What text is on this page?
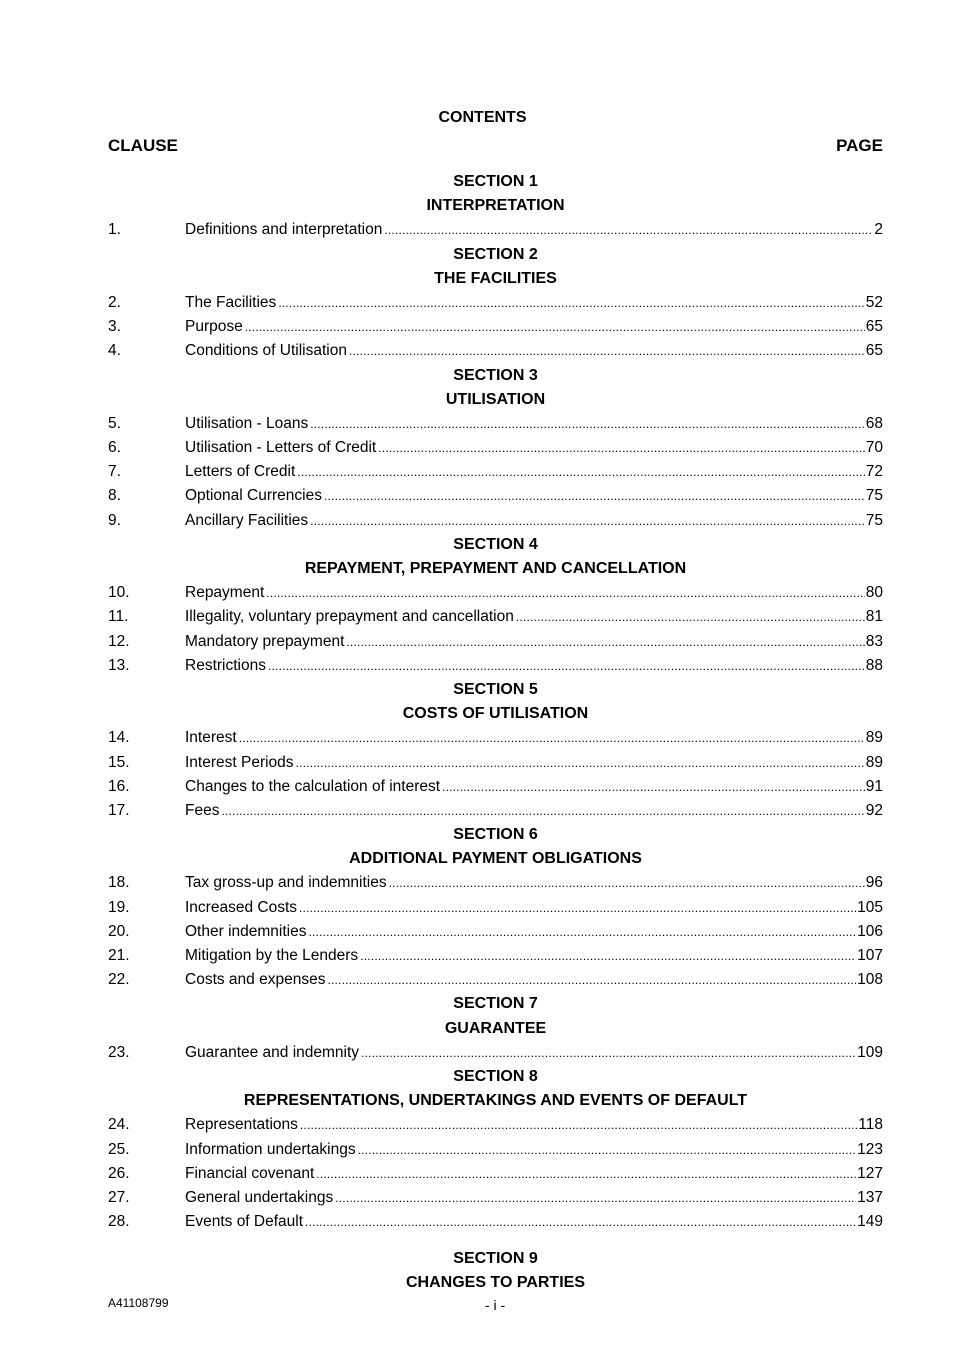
CONTENTS
CLAUSE	PAGE
SECTION 1
INTERPRETATION
1.	Definitions and interpretation .....	2
SECTION 2
THE FACILITIES
2.	The Facilities .....	52
3.	Purpose .....	65
4.	Conditions of Utilisation .....	65
SECTION 3
UTILISATION
5.	Utilisation - Loans .....	68
6.	Utilisation - Letters of Credit .....	70
7.	Letters of Credit .....	72
8.	Optional Currencies .....	75
9.	Ancillary Facilities .....	75
SECTION 4
REPAYMENT, PREPAYMENT AND CANCELLATION
10.	Repayment .....	80
11.	Illegality, voluntary prepayment and cancellation .....	81
12.	Mandatory prepayment .....	83
13.	Restrictions .....	88
SECTION 5
COSTS OF UTILISATION
14.	Interest .....	89
15.	Interest Periods .....	89
16.	Changes to the calculation of interest .....	91
17.	Fees .....	92
SECTION 6
ADDITIONAL PAYMENT OBLIGATIONS
18.	Tax gross-up and indemnities .....	96
19.	Increased Costs .....	105
20.	Other indemnities .....	106
21.	Mitigation by the Lenders .....	107
22.	Costs and expenses .....	108
SECTION 7
GUARANTEE
23.	Guarantee and indemnity .....	109
SECTION 8
REPRESENTATIONS, UNDERTAKINGS AND EVENTS OF DEFAULT
24.	Representations .....	118
25.	Information undertakings .....	123
26.	Financial covenant .....	127
27.	General undertakings .....	137
28.	Events of Default .....	149
SECTION 9
CHANGES TO PARTIES
A41108799	- i -
